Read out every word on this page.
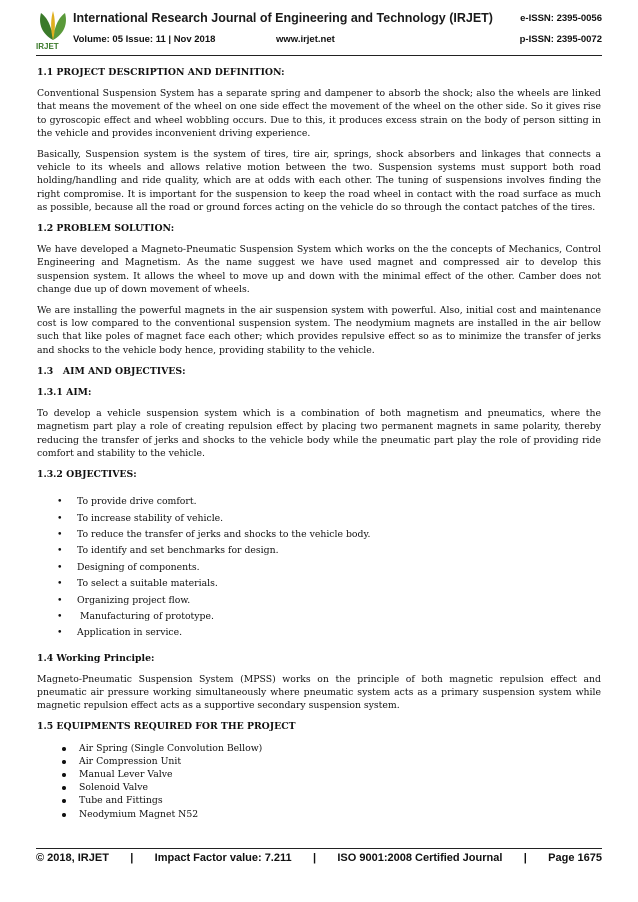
IRJET
International Research Journal of Engineering and Technology (IRJET)
Volume: 05 Issue: 11 | Nov 2018	www.irjet.net
e-ISSN: 2395-0056
p-ISSN: 2395-0072
1.1 PROJECT DESCRIPTION AND DEFINITION:

Conventional Suspension System has a separate spring and dampener to absorb the shock; also the wheels are linked that means the movement of the wheel on one side effect the movement of the wheel on the other side. So it gives rise to gyroscopic effect and wheel wobbling occurs. Due to this, it produces excess strain on the body of person sitting in the vehicle and provides inconvenient driving experience.

Basically, Suspension system is the system of tires, tire air, springs, shock absorbers and linkages that connects a vehicle to its wheels and allows relative motion between the two. Suspension systems must support both road holding/handling and ride quality, which are at odds with each other. The tuning of suspensions involves finding the right compromise. It is important for the suspension to keep the road wheel in contact with the road surface as much as possible, because all the road or ground forces acting on the vehicle do so through the contact patches of the tires.

1.2 PROBLEM SOLUTION:

We have developed a Magneto-Pneumatic Suspension System which works on the the concepts of Mechanics, Control Engineering and Magnetism. As the name suggest we have used magnet and compressed air to develop this suspension system. It allows the wheel to move up and down with the minimal effect of the other. Camber does not change due up of down movement of wheels.

We are installing the powerful magnets in the air suspension system with powerful. Also, initial cost and maintenance cost is low compared to the conventional suspension system. The neodymium magnets are installed in the air bellow such that like poles of magnet face each other; which provides repulsive effect so as to minimize the transfer of jerks and shocks to the vehicle body hence, providing stability to the vehicle.

1.3   AIM AND OBJECTIVES:
1.3.1 AIM:

To develop a vehicle suspension system which is a combination of both magnetism and pneumatics, where the magnetism part play a role of creating repulsion effect by placing two permanent magnets in same polarity, thereby reducing the transfer of jerks and shocks to the vehicle body while the pneumatic part play the role of providing ride comfort and stability to the vehicle.

1.3.2 OBJECTIVES:
• To provide drive comfort.
• To increase stability of vehicle.
• To reduce the transfer of jerks and shocks to the vehicle body.
• To identify and set benchmarks for design.
• Designing of components.
• To select a suitable materials.
• Organizing project flow.
•  Manufacturing of prototype.
• Application in service.
1.4 Working Principle:

Magneto-Pneumatic Suspension System (MPSS) works on the principle of both magnetic repulsion effect and pneumatic air pressure working simultaneously where pneumatic system acts as a primary suspension system while magnetic repulsion effect acts as a supportive secondary suspension system.

1.5 EQUIPMENTS REQUIRED FOR THE PROJECT
Air Spring (Single Convolution Bellow)
Air Compression Unit
Manual Lever Valve
Solenoid Valve
Tube and Fittings
Neodymium Magnet N52
© 2018, IRJET	|	Impact Factor value: 7.211	|	ISO 9001:2008 Certified Journal	|	Page 1675
